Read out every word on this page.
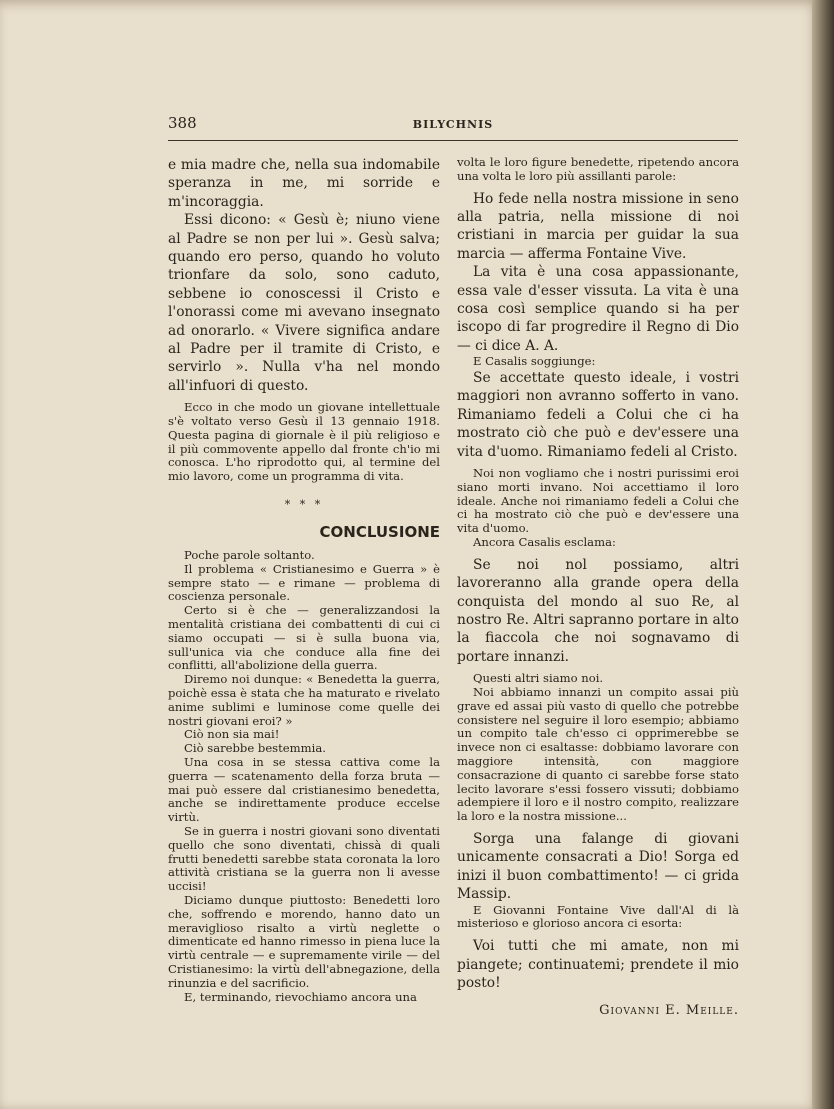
388	BILYCHNIS

e mia madre che, nella sua indomabile speranza in me, mi sorride e m'incoraggia.

Essi dicono: « Gesù è; niuno viene al Padre se non per lui ». Gesù salva; quando ero perso, quando ho voluto trionfare da solo, sono caduto, sebbene io conoscessi il Cristo e l'onorassi come mi avevano insegnato ad onorarlo. « Vivere significa andare al Padre per il tramite di Cristo, e servirlo ». Nulla v'ha nel mondo all'infuori di questo.

Ecco in che modo un giovane intellettuale s'è voltato verso Gesù il 13 gennaio 1918. Questa pagina di giornale è il più religioso e il più commovente appello dal fronte ch'io mi conosca. L'ho riprodotto qui, al termine del mio lavoro, come un programma di vita.

* * *
CONCLUSIONE

Poche parole soltanto.

Il problema « Cristianesimo e Guerra » è sempre stato — e rimane — problema di coscienza personale.

Certo si è che — generalizzandosi la mentalità cristiana dei combattenti di cui ci siamo occupati — si è sulla buona via, sull'unica via che conduce alla fine dei conflitti, all'abolizione della guerra.

Diremo noi dunque: « Benedetta la guerra, poichè essa è stata che ha maturato e rivelato anime sublimi e luminose come quelle dei nostri giovani eroi? »

Ciò non sia mai!

Ciò sarebbe bestemmia.

Una cosa in se stessa cattiva come la guerra — scatenamento della forza bruta — mai può essere dal cristianesimo benedetta, anche se indirettamente produce eccelse virtù.

Se in guerra i nostri giovani sono diventati quello che sono diventati, chissà di quali frutti benedetti sarebbe stata coronata la loro attività cristiana se la guerra non li avesse uccisi!

Diciamo dunque piuttosto: Benedetti loro che, soffrendo e morendo, hanno dato un meraviglioso risalto a virtù neglette o dimenticate ed hanno rimesso in piena luce la virtù centrale — e supremamente virile — del Cristianesimo: la virtù dell'abnegazione, della rinunzia e del sacrificio.

E, terminando, rievochiamo ancora una

volta le loro figure benedette, ripetendo ancora una volta le loro più assillanti parole:

Ho fede nella nostra missione in seno alla patria, nella missione di noi cristiani in marcia per guidar la sua marcia — afferma Fontaine Vive.

La vita è una cosa appassionante, essa vale d'esser vissuta. La vita è una cosa così semplice quando si ha per iscopo di far progredire il Regno di Dio — ci dice A. A.

E Casalis soggiunge:

Se accettate questo ideale, i vostri maggiori non avranno sofferto in vano. Rimaniamo fedeli a Colui che ci ha mostrato ciò che può e dev'essere una vita d'uomo. Rimaniamo fedeli al Cristo.

Noi non vogliamo che i nostri purissimi eroi siano morti invano. Noi accettiamo il loro ideale. Anche noi rimaniamo fedeli a Colui che ci ha mostrato ciò che può e dev'essere una vita d'uomo.

Ancora Casalis esclama:

Se noi nol possiamo, altri lavoreranno alla grande opera della conquista del mondo al suo Re, al nostro Re. Altri sapranno portare in alto la fiaccola che noi sognavamo di portare innanzi.

Questi altri siamo noi.

Noi abbiamo innanzi un compito assai più grave ed assai più vasto di quello che potrebbe consistere nel seguire il loro esempio; abbiamo un compito tale ch'esso ci opprimerebbe se invece non ci esaltasse: dobbiamo lavorare con maggiore intensità, con maggiore consacrazione di quanto ci sarebbe forse stato lecito lavorare s'essi fossero vissuti; dobbiamo adempiere il loro e il nostro compito, realizzare la loro e la nostra missione...

Sorga una falange di giovani unicamente consacrati a Dio! Sorga ed inizi il buon combattimento! — ci grida Massip.

E Giovanni Fontaine Vive dall'Al di là misterioso e glorioso ancora ci esorta:

Voi tutti che mi amate, non mi piangete; continuatemi; prendete il mio posto!

Giovanni E. Meille.
